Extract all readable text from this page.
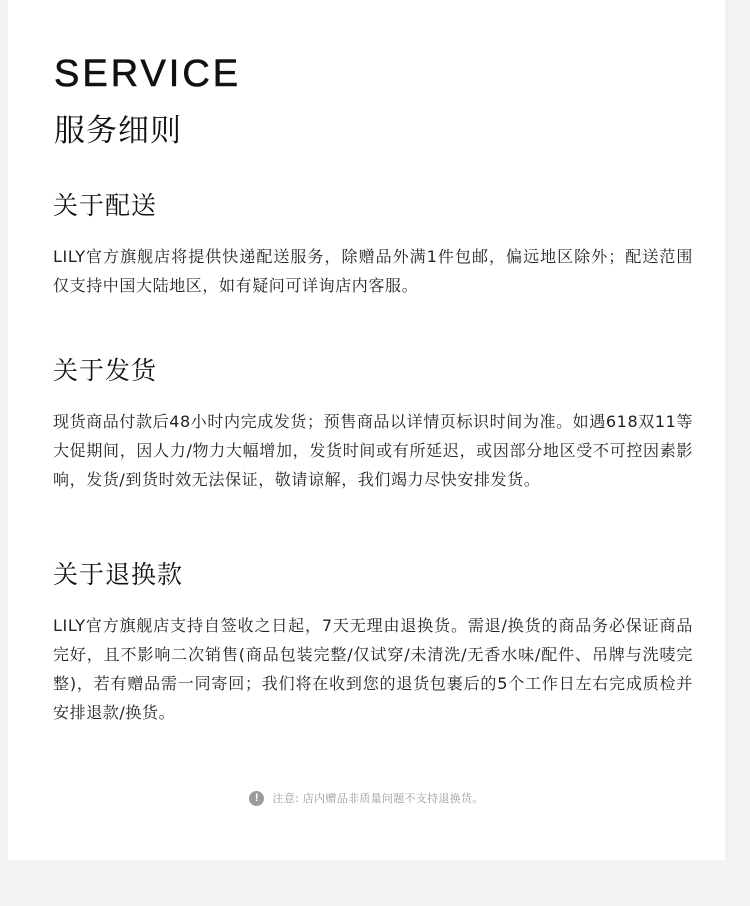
SERVICE
服务细则
关于配送

LILY官方旗舰店将提供快递配送服务，除赠品外满1件包邮，偏远地区除外；配送范围仅支持中国大陆地区，如有疑问可详询店内客服。

关于发货

现货商品付款后48小时内完成发货；预售商品以详情页标识时间为准。如遇618双11等大促期间，因人力/物力大幅增加，发货时间或有所延迟，或因部分地区受不可控因素影响，发货/到货时效无法保证，敬请谅解，我们竭力尽快安排发货。

关于退换款

LILY官方旗舰店支持自签收之日起，7天无理由退换货。需退/换货的商品务必保证商品完好，且不影响二次销售(商品包装完整/仅试穿/未清洗/无香水味/配件、吊牌与洗唛完整)，若有赠品需一同寄回；我们将在收到您的退货包裹后的5个工作日左右完成质检并安排退款/换货。

!	注意: 店内赠品非质量问题不支持退换货。
